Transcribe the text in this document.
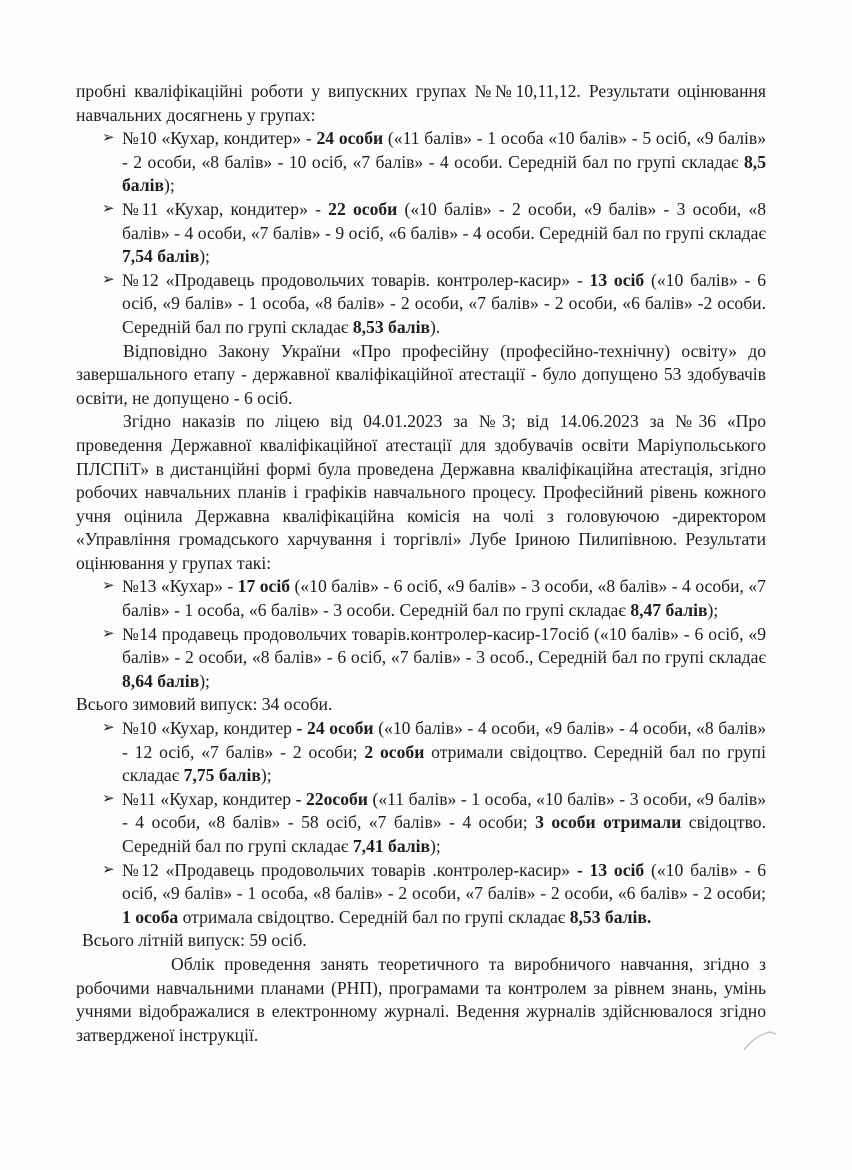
пробні кваліфікаційні роботи у випускних групах №№10,11,12. Результати оцінювання навчальних досягнень у групах:

➢ №10 «Кухар, кондитер» - 24 особи («11 балів» - 1 особа «10 балів» - 5 осіб, «9 балів» - 2 особи, «8 балів» - 10 осіб, «7 балів» - 4 особи. Середній бал по групі складає 8,5 балів);
➢ №11 «Кухар, кондитер» - 22 особи («10 балів» - 2 особи, «9 балів» - 3 особи, «8 балів» - 4 особи, «7 балів» - 9 осіб, «6 балів» - 4 особи. Середній бал по групі складає 7,54 балів);
➢ №12 «Продавець продовольчих товарів. контролер-касир» - 13 осіб («10 балів» - 6 осіб, «9 балів» - 1 особа, «8 балів» - 2 особи, «7 балів» - 2 особи, «6 балів» -2 особи. Середній бал по групі складає 8,53 балів).

Відповідно Закону України «Про професійну (професійно-технічну) освіту» до завершального етапу - державної кваліфікаційної атестації - було допущено 53 здобувачів освіти, не допущено - 6 осіб.

Згідно наказів по ліцею від 04.01.2023 за №3; від 14.06.2023 за №36 «Про проведення Державної кваліфікаційної атестації для здобувачів освіти Маріупольського ПЛСПіТ» в дистанційні формі була проведена Державна кваліфікаційна атестація, згідно робочих навчальних планів і графіків навчального процесу. Професійний рівень кожного учня оцінила Державна кваліфікаційна комісія на чолі з головуючою -директором «Управління громадського харчування і торгівлі» Лубе Іриною Пилипівною. Результати оцінювання у групах такі:

➢ №13 «Кухар» - 17 осіб («10 балів» - 6 осіб, «9 балів» - 3 особи, «8 балів» - 4 особи, «7 балів» - 1 особа, «6 балів» - 3 особи. Середній бал по групі складає 8,47 балів);
➢ №14 продавець продовольчих товарів.контролер-касир-17осіб («10 балів» - 6 осіб, «9 балів» - 2 особи, «8 балів» - 6 осіб, «7 балів» - 3 особ., Середній бал по групі складає 8,64 балів);

Всього зимовий випуск: 34 особи.

➢ №10 «Кухар, кондитер - 24 особи («10 балів» - 4 особи, «9 балів» - 4 особи, «8 балів» - 12 осіб, «7 балів» - 2 особи; 2 особи отримали свідоцтво. Середній бал по групі складає 7,75 балів);
➢ №11 «Кухар, кондитер - 22особи («11 балів» - 1 особа, «10 балів» - 3 особи, «9 балів» - 4 особи, «8 балів» - 58 осіб, «7 балів» - 4 особи; 3 особи отримали свідоцтво. Середній бал по групі складає 7,41 балів);
➢ №12 «Продавець продовольчих товарів .контролер-касир» - 13 осіб («10 балів» - 6 осіб, «9 балів» - 1 особа, «8 балів» - 2 особи, «7 балів» - 2 особи, «6 балів» - 2 особи; 1 особа отримала свідоцтво. Середній бал по групі складає 8,53 балів.

Всього літній випуск: 59 осіб.

Облік проведення занять теоретичного та виробничого навчання, згідно з робочими навчальними планами (РНП), програмами та контролем за рівнем знань, умінь учнями відображалися в електронному журналі. Ведення журналів здійснювалося згідно затвердженої інструкції.
